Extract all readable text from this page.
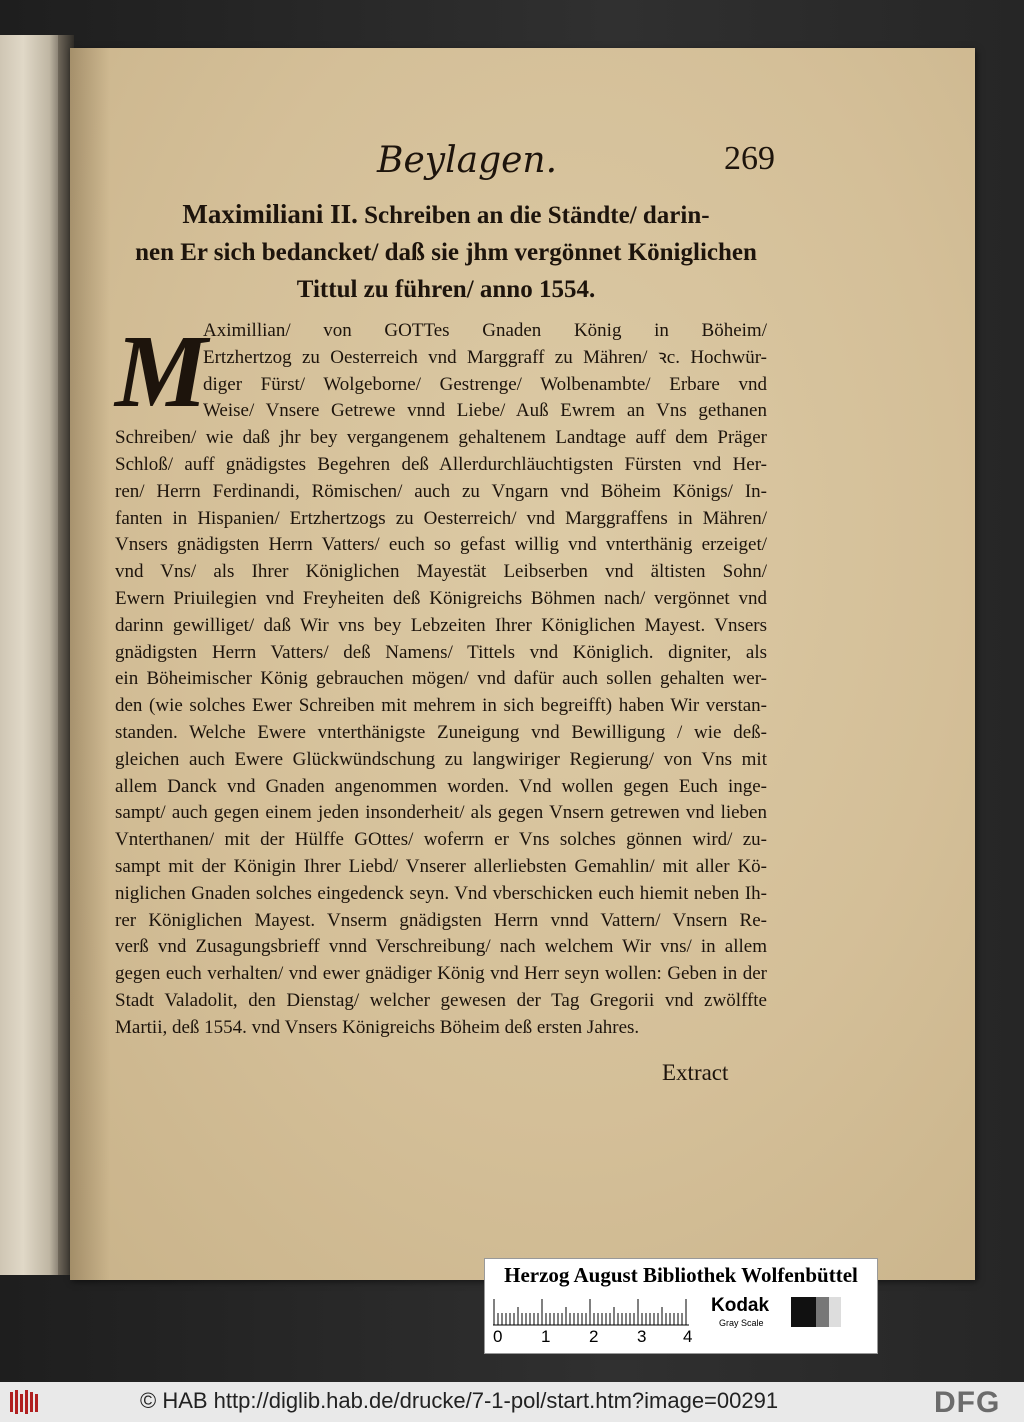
Beylagen.	269
Maximiliani II. Schreiben an die Ständte/ darin-
nen Er sich bedancket/ daß sie jhm vergönnet Königlichen
Tittul zu führen/ anno 1554.
M
Aximillian/ von GOTTes Gnaden König in Böheim/
Ertzhertzog zu Oesterreich vnd Marggraff zu Mähren/ ꝛc. Hochwür-
diger Fürst/ Wolgeborne/ Gestrenge/ Wolbenambte/ Erbare vnd
Weise/ Vnsere Getrewe vnnd Liebe/ Auß Ewrem an Vns gethanen
Schreiben/ wie daß jhr bey vergangenem gehaltenem Landtage auff dem Präger
Schloß/ auff gnädigstes Begehren deß Allerdurchläuchtigsten Fürsten vnd Her-
ren/ Herrn Ferdinandi, Römischen/ auch zu Vngarn vnd Böheim Königs/ In-
fanten in Hispanien/ Ertzhertzogs zu Oesterreich/ vnd Marggraffens in Mähren/
Vnsers gnädigsten Herrn Vatters/ euch so gefast willig vnd vnterthänig erzeiget/
vnd Vns/ als Ihrer Königlichen Mayestät Leibserben vnd ältisten Sohn/
Ewern Priuilegien vnd Freyheiten deß Königreichs Böhmen nach/ vergönnet vnd
darinn gewilliget/ daß Wir vns bey Lebzeiten Ihrer Königlichen Mayest. Vnsers
gnädigsten Herrn Vatters/ deß Namens/ Tittels vnd Königlich. digniter, als
ein Böheimischer König gebrauchen mögen/ vnd dafür auch sollen gehalten wer-
den (wie solches Ewer Schreiben mit mehrem in sich begreifft) haben Wir verstan-
standen. Welche Ewere vnterthänigste Zuneigung vnd Bewilligung / wie deß-
gleichen auch Ewere Glückwündschung zu langwiriger Regierung/ von Vns mit
allem Danck vnd Gnaden angenommen worden. Vnd wollen gegen Euch inge-
sampt/ auch gegen einem jeden insonderheit/ als gegen Vnsern getrewen vnd lieben
Vnterthanen/ mit der Hülffe GOttes/ woferrn er Vns solches gönnen wird/ zu-
sampt mit der Königin Ihrer Liebd/ Vnserer allerliebsten Gemahlin/ mit aller Kö-
niglichen Gnaden solches eingedenck seyn. Vnd vberschicken euch hiemit neben Ih-
rer Königlichen Mayest. Vnserm gnädigsten Herrn vnnd Vattern/ Vnsern Re-
verß vnd Zusagungsbrieff vnnd Verschreibung/ nach welchem Wir vns/ in allem
gegen euch verhalten/ vnd ewer gnädiger König vnd Herr seyn wollen: Geben in der
Stadt Valadolit, den Dienstag/ welcher gewesen der Tag Gregorii vnd zwölffte
Martii, deß 1554. vnd Vnsers Königreichs Böheim deß ersten Jahres.
Extract
Herzog August Bibliothek Wolfenbüttel
0 1 2 3 4
Kodak
Gray Scale
© HAB http://diglib.hab.de/drucke/7-1-pol/start.htm?image=00291	DFG
